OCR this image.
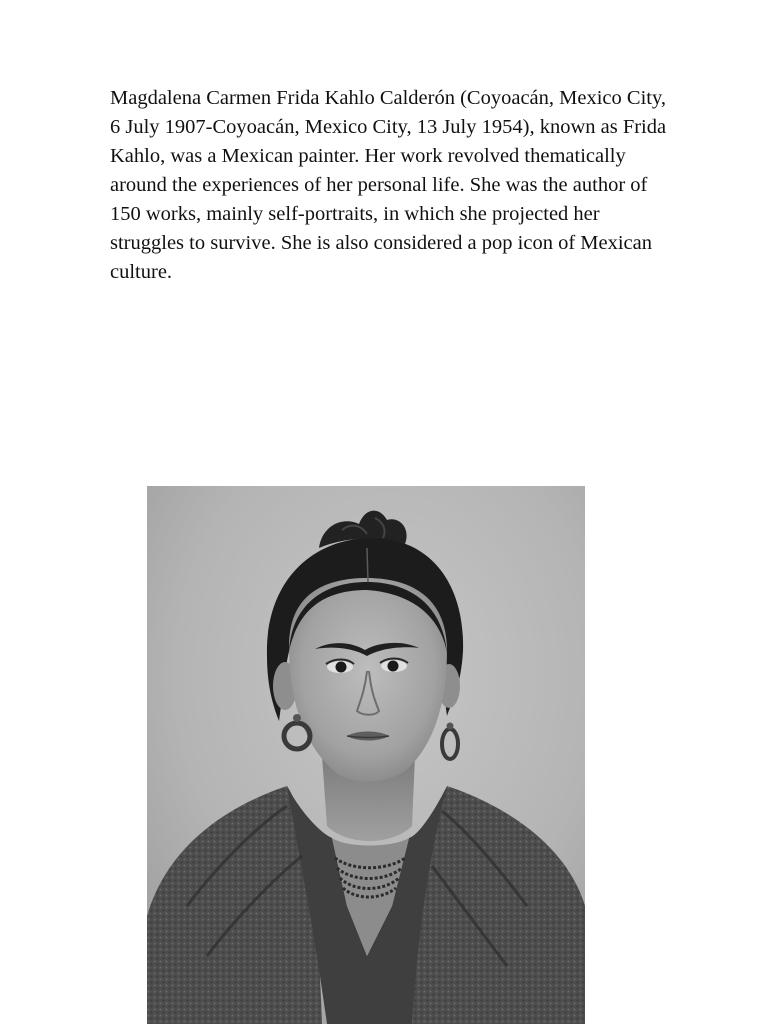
Magdalena Carmen Frida Kahlo Calderón (Coyoacán, Mexico City, 6 July 1907-Coyoacán, Mexico City, 13 July 1954), known as Frida Kahlo, was a Mexican painter. Her work revolved thematically around the experiences of her personal life. She was the author of 150 works, mainly self-portraits, in which she projected her struggles to survive. She is also considered a pop icon of Mexican culture.
